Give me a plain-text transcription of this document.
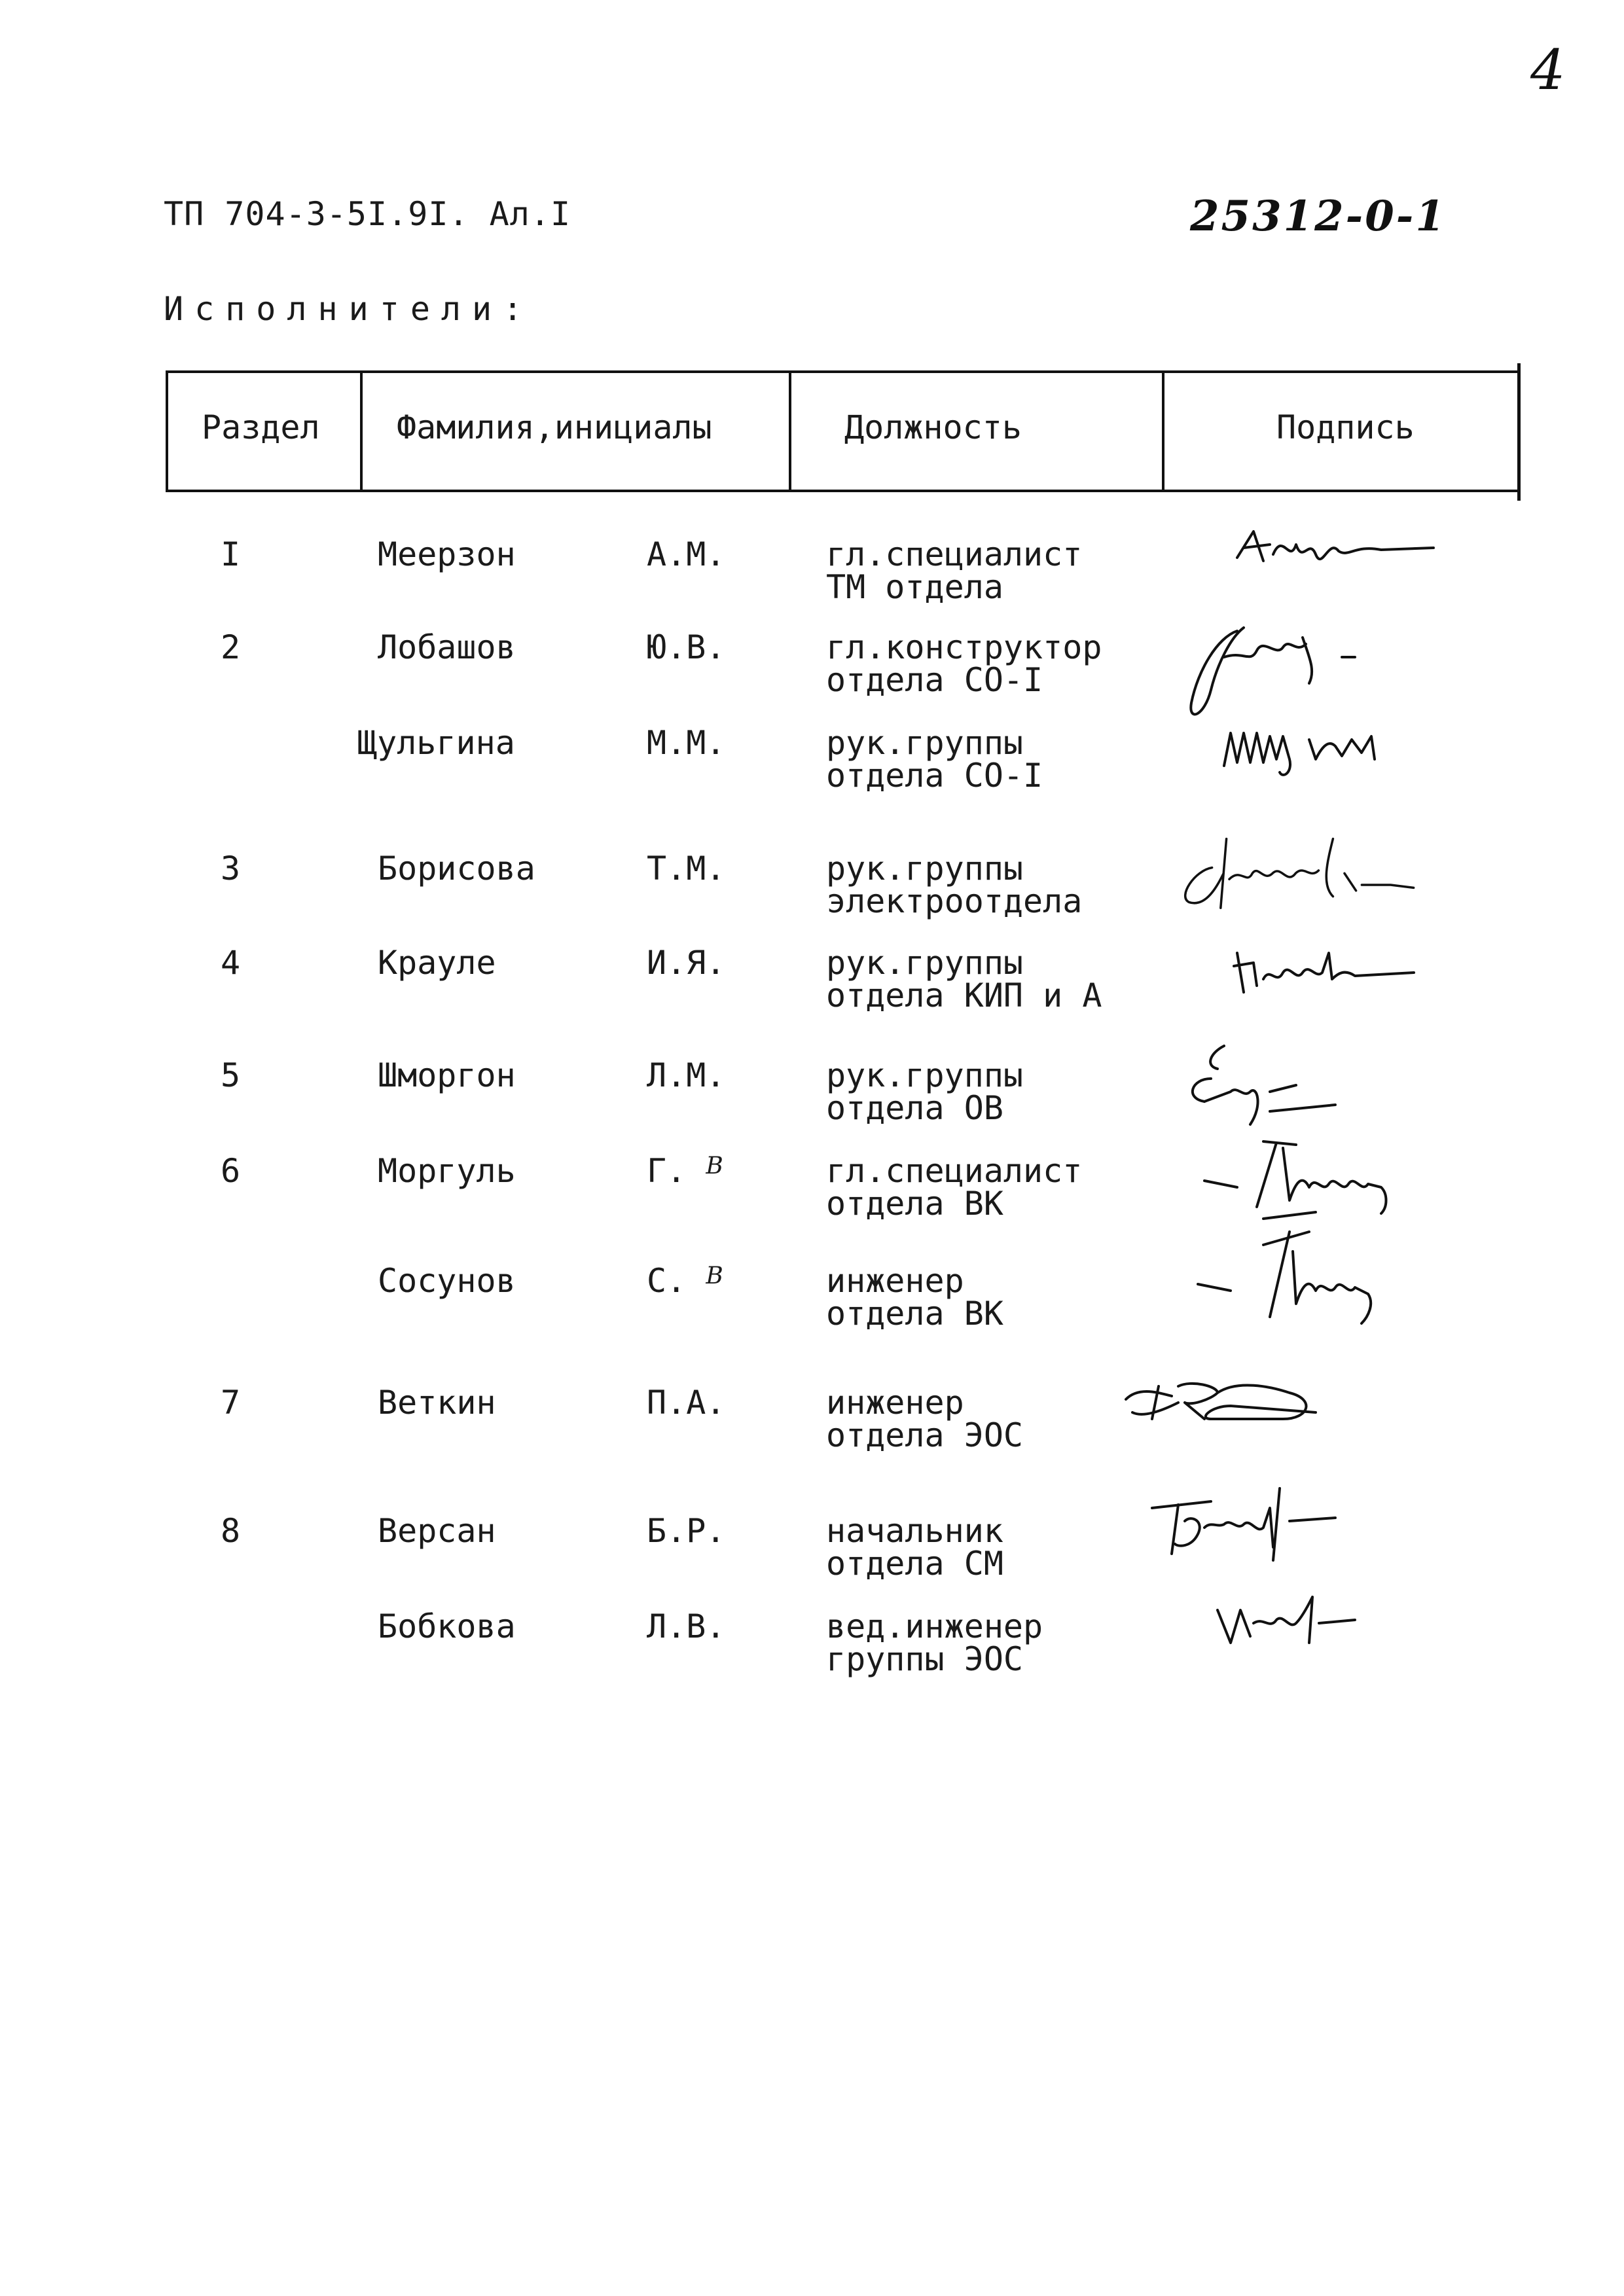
4
ТП 704-3-5I.9I. Ал.I	25312-0-1
Исполнители:
Раздел Фамилия,инициалы	Должность	Подпись
I	Меерзон	А.М.	гл.специалист
ТМ отдела
2	Лобашов	Ю.В.	гл.конструктор
отдела СО-I
Щульгина	М.М.	рук.группы
отдела СО-I
3	Борисова	Т.М.	рук.группы
электроотдела
4	Крауле	И.Я.	рук.группы
отдела КИП и А
5	Шморгон	Л.М.	рук.группы
отдела ОВ
6	Моргуль	Г. $^В$	гл.специалист
отдела ВК
Сосунов	С. $^В$	инженер
отдела ВК
7	Веткин	П.А.	инженер
отдела ЭОС
8	Версан	Б.Р.	начальник
отдела СМ
Бобкова	Л.В.	вед.инженер
группы ЭОС
